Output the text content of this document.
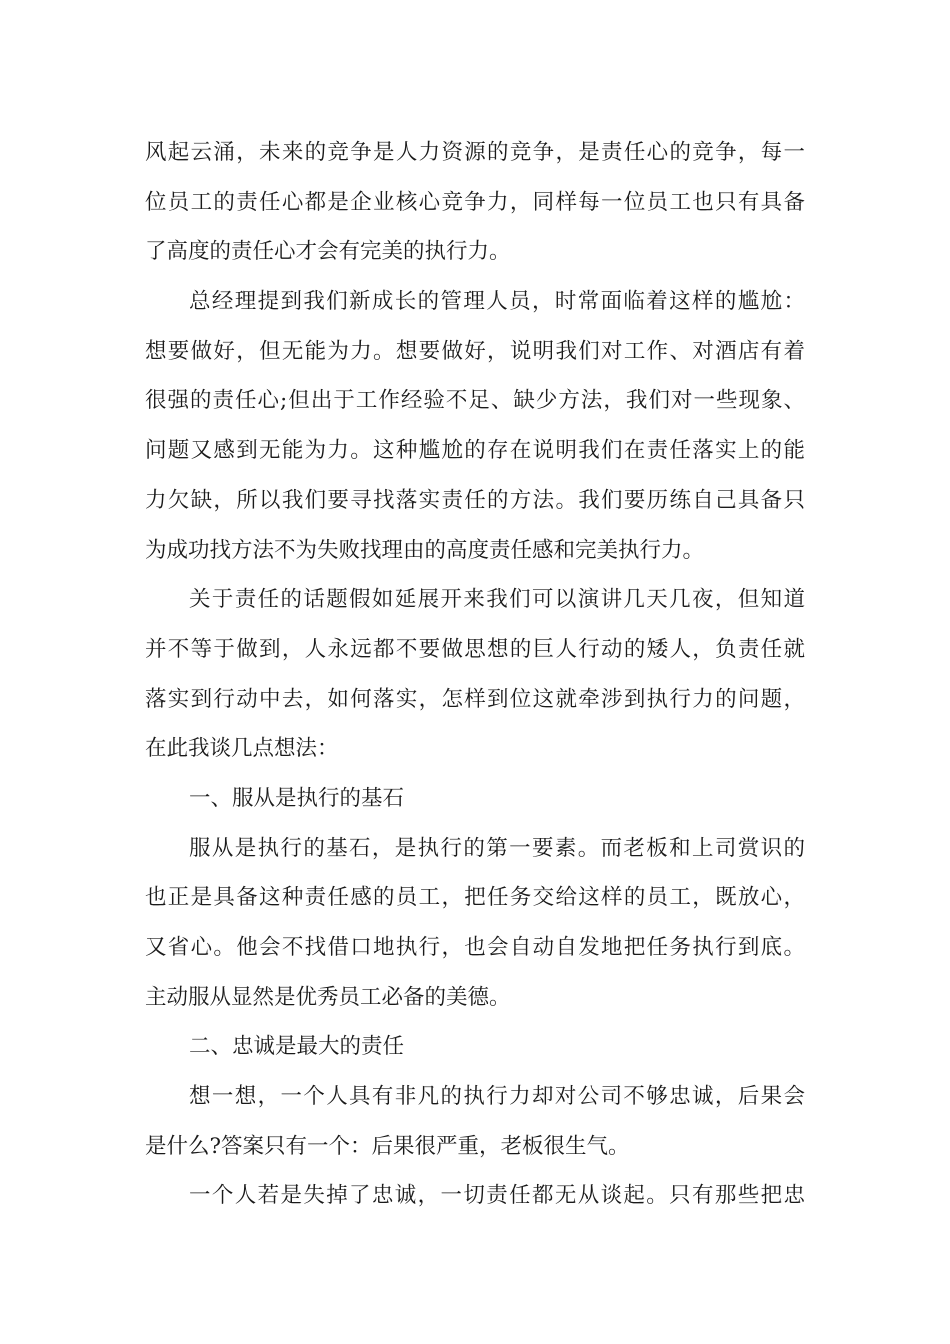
风起云涌，未来的竞争是人力资源的竞争，是责任心的竞争，每一
位员工的责任心都是企业核心竞争力，同样每一位员工也只有具备
了高度的责任心才会有完美的执行力。
总经理提到我们新成长的管理人员，时常面临着这样的尴尬：
想要做好，但无能为力。想要做好，说明我们对工作、对酒店有着
很强的责任心;但出于工作经验不足、缺少方法，我们对一些现象、
问题又感到无能为力。这种尴尬的存在说明我们在责任落实上的能
力欠缺，所以我们要寻找落实责任的方法。我们要历练自己具备只
为成功找方法不为失败找理由的高度责任感和完美执行力。
关于责任的话题假如延展开来我们可以演讲几天几夜，但知道
并不等于做到，人永远都不要做思想的巨人行动的矮人，负责任就
落实到行动中去，如何落实，怎样到位这就牵涉到执行力的问题，
在此我谈几点想法：
一、服从是执行的基石
服从是执行的基石，是执行的第一要素。而老板和上司赏识的
也正是具备这种责任感的员工，把任务交给这样的员工，既放心，
又省心。他会不找借口地执行，也会自动自发地把任务执行到底。
主动服从显然是优秀员工必备的美德。
二、忠诚是最大的责任
想一想，一个人具有非凡的执行力却对公司不够忠诚，后果会
是什么?答案只有一个：后果很严重，老板很生气。
一个人若是失掉了忠诚，一切责任都无从谈起。只有那些把忠
